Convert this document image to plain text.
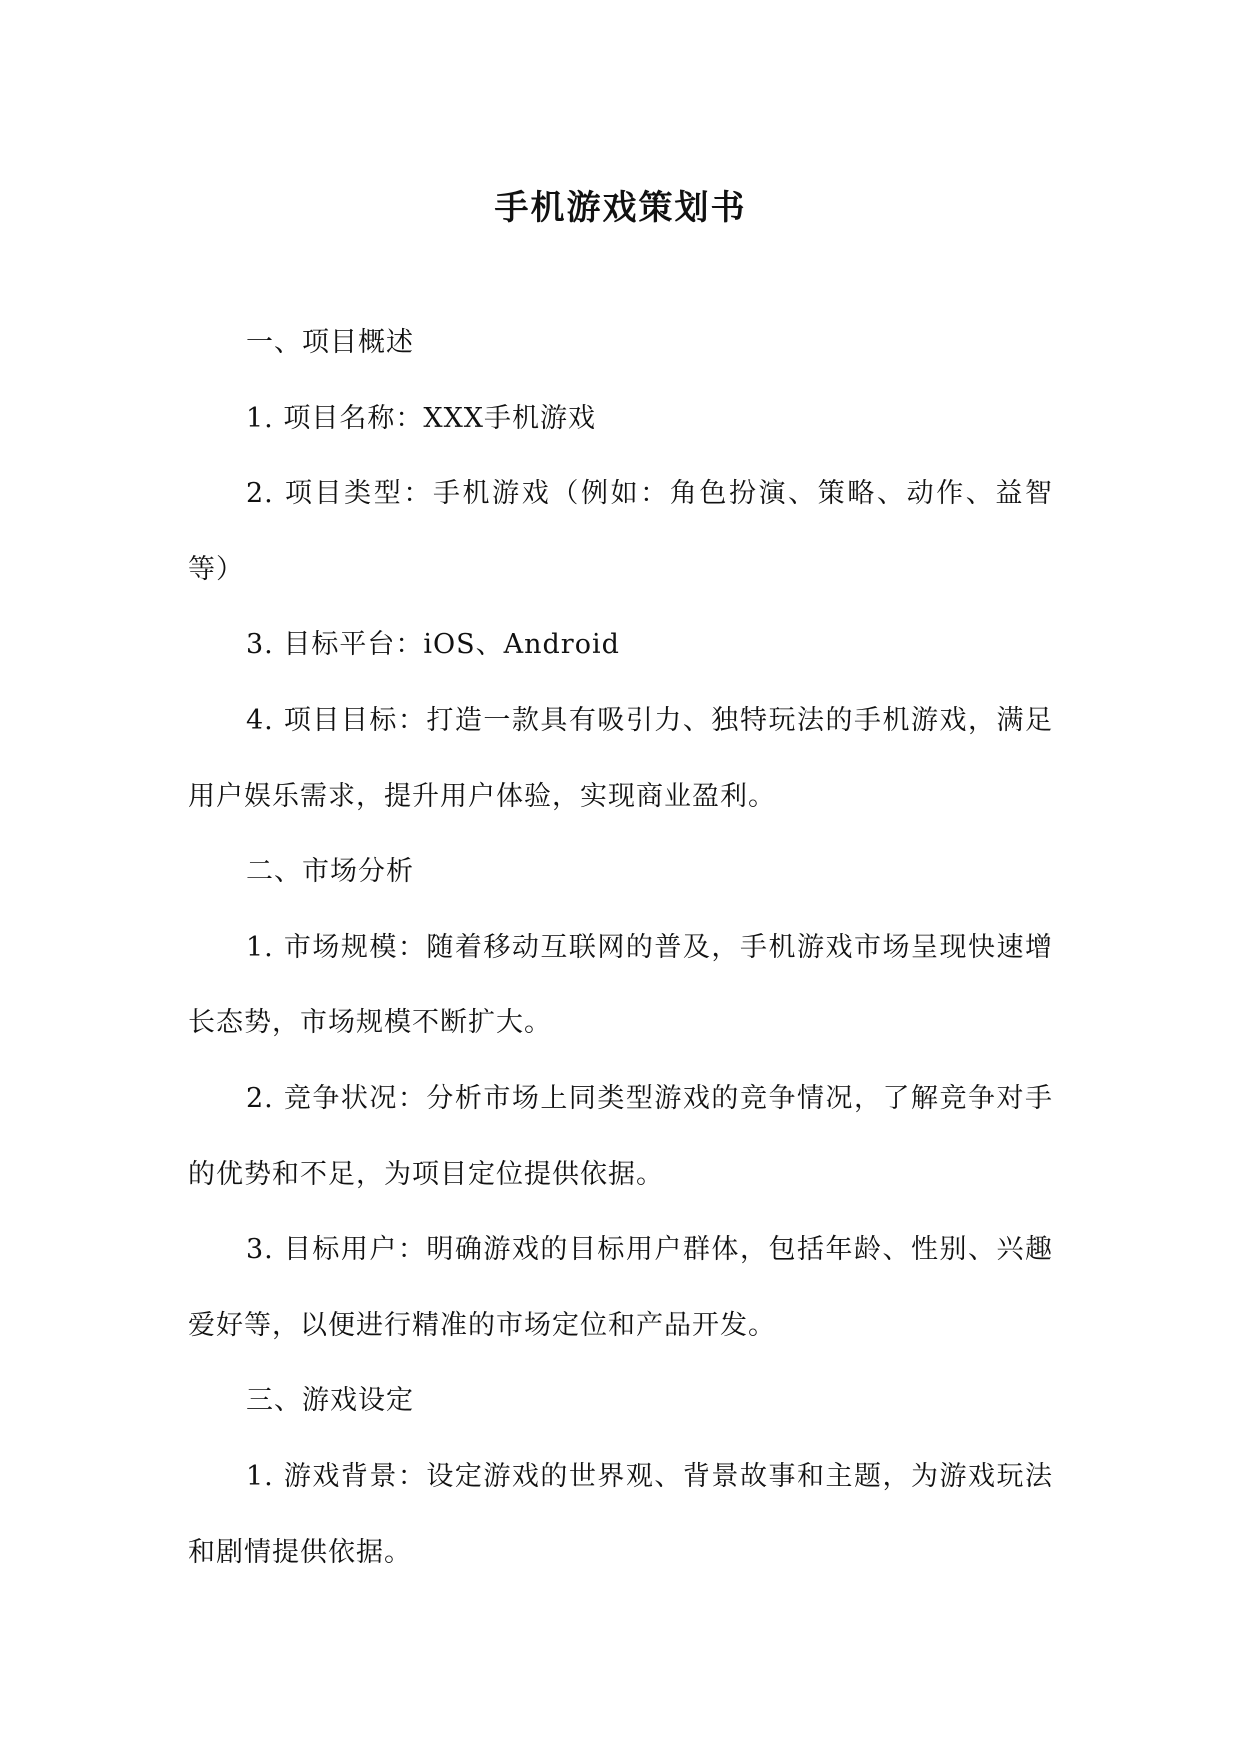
手机游戏策划书

一、项目概述

1. 项目名称：XXX手机游戏

2. 项目类型：手机游戏（例如：角色扮演、策略、动作、益智等）

3. 目标平台：iOS、Android

4. 项目目标：打造一款具有吸引力、独特玩法的手机游戏，满足用户娱乐需求，提升用户体验，实现商业盈利。

二、市场分析

1. 市场规模：随着移动互联网的普及，手机游戏市场呈现快速增长态势，市场规模不断扩大。

2. 竞争状况：分析市场上同类型游戏的竞争情况，了解竞争对手的优势和不足，为项目定位提供依据。

3. 目标用户：明确游戏的目标用户群体，包括年龄、性别、兴趣爱好等，以便进行精准的市场定位和产品开发。

三、游戏设定

1. 游戏背景：设定游戏的世界观、背景故事和主题，为游戏玩法和剧情提供依据。
